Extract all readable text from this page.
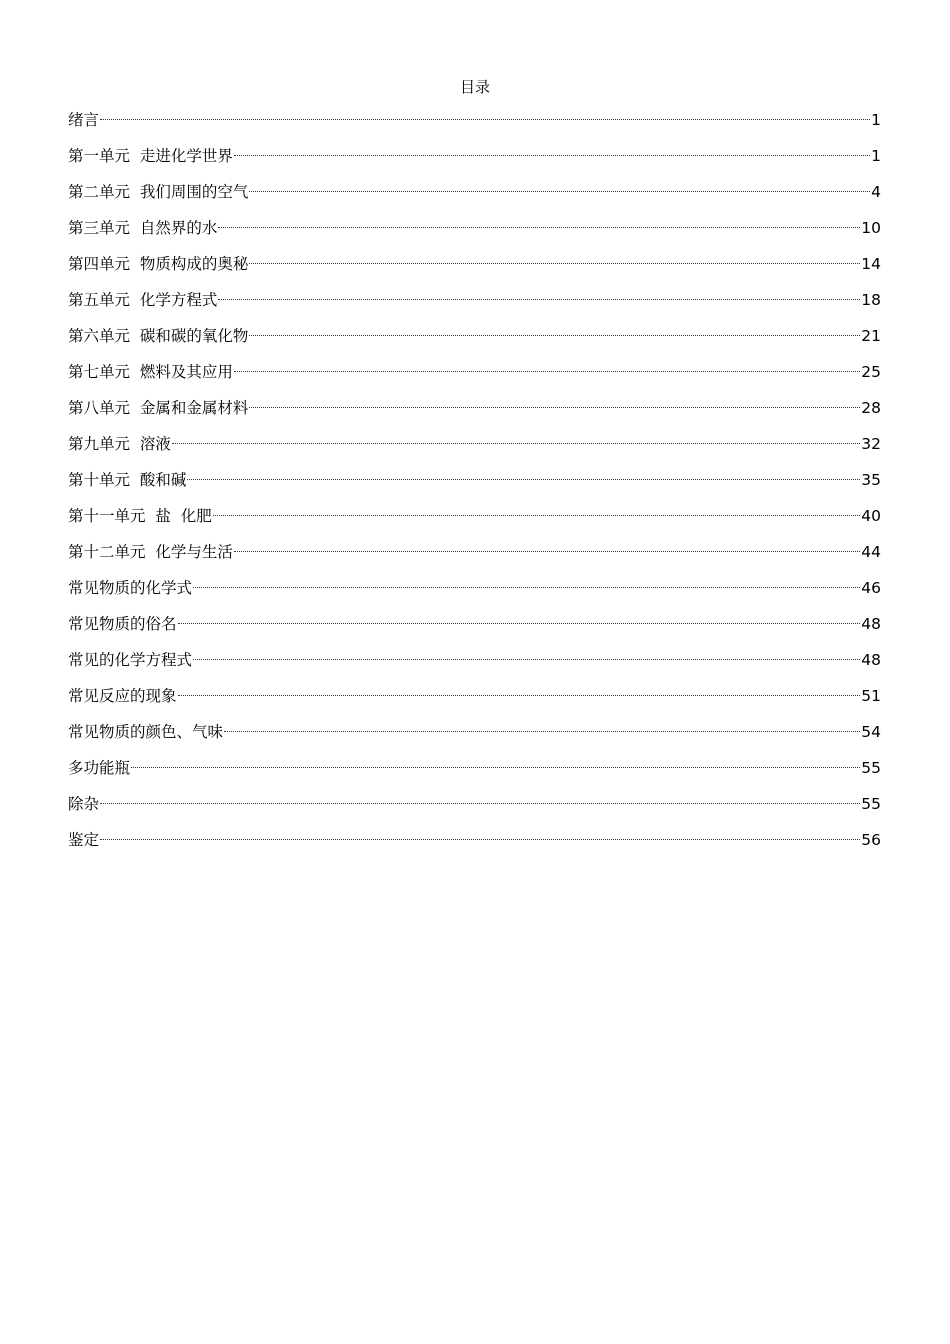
目录
绪言	1
第一单元  走进化学世界	1
第二单元  我们周围的空气	4
第三单元  自然界的水	10
第四单元  物质构成的奥秘	14
第五单元  化学方程式	18
第六单元  碳和碳的氧化物	21
第七单元  燃料及其应用	25
第八单元  金属和金属材料	28
第九单元  溶液	32
第十单元  酸和碱	35
第十一单元  盐  化肥	40
第十二单元  化学与生活	44
常见物质的化学式	46
常见物质的俗名	48
常见的化学方程式	48
常见反应的现象	51
常见物质的颜色、气味	54
多功能瓶	55
除杂	55
鉴定	56
